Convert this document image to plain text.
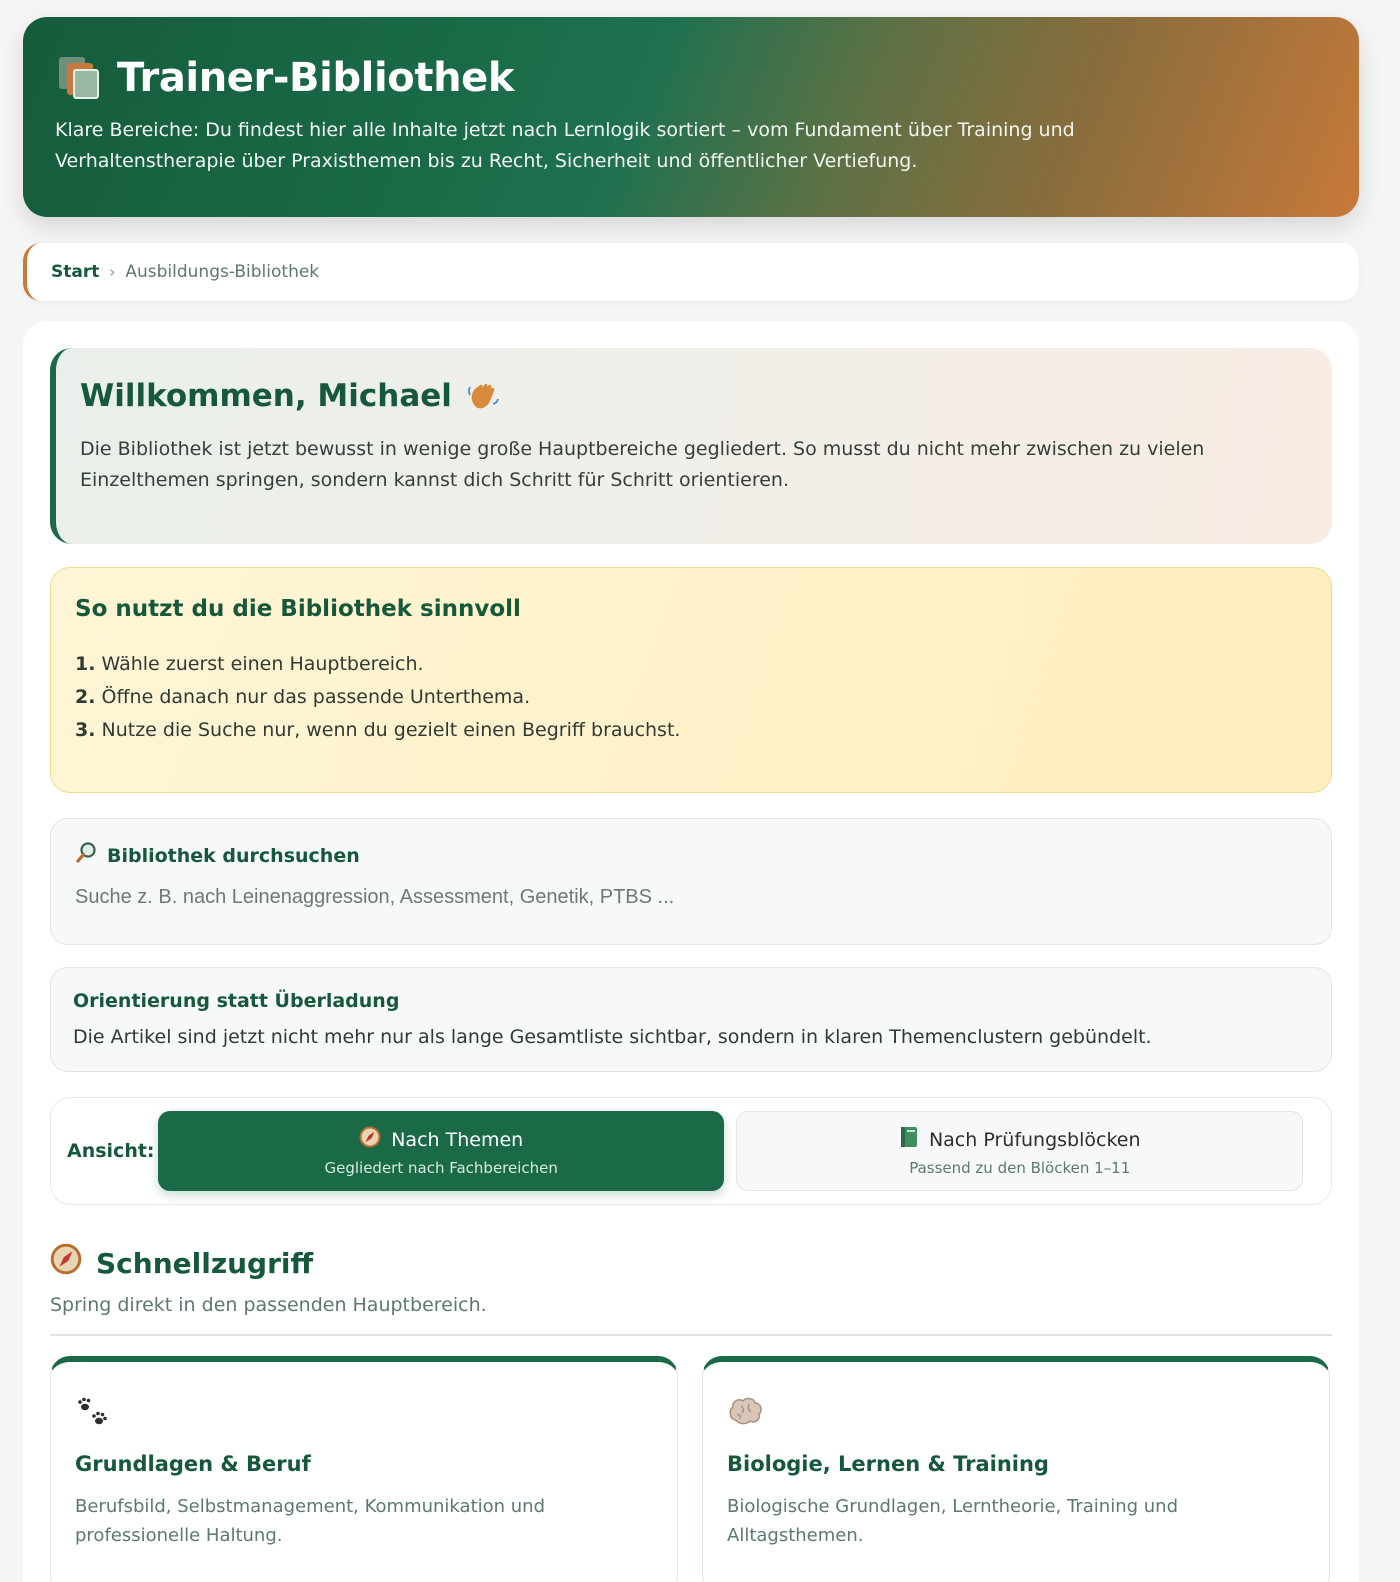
Trainer-Bibliothek

Klare Bereiche: Du findest hier alle Inhalte jetzt nach Lernlogik sortiert – vom Fundament über Training und Verhaltenstherapie über Praxisthemen bis zu Recht, Sicherheit und öffentlicher Vertiefung.

Start › Ausbildungs-Bibliothek
Willkommen, Michael

Die Bibliothek ist jetzt bewusst in wenige große Hauptbereiche gegliedert. So musst du nicht mehr zwischen zu vielen Einzelthemen springen, sondern kannst dich Schritt für Schritt orientieren.

So nutzt du die Bibliothek sinnvoll
1. Wähle zuerst einen Hauptbereich.
2. Öffne danach nur das passende Unterthema.
3. Nutze die Suche nur, wenn du gezielt einen Begriff brauchst.
Bibliothek durchsuchen
Suche z. B. nach Leinenaggression, Assessment, Genetik, PTBS ...
Orientierung statt Überladung

Die Artikel sind jetzt nicht mehr nur als lange Gesamtliste sichtbar, sondern in klaren Themenclustern gebündelt.

Ansicht:	Nach Themen
Gegliedert nach Fachbereichen
Nach Prüfungsblöcken
Passend zu den Blöcken 1–11
Schnellzugriff

Spring direkt in den passenden Hauptbereich.

Grundlagen & Beruf

Berufsbild, Selbstmanagement, Kommunikation und professionelle Haltung.

Biologie, Lernen & Training

Biologische Grundlagen, Lerntheorie, Training und Alltagsthemen.
